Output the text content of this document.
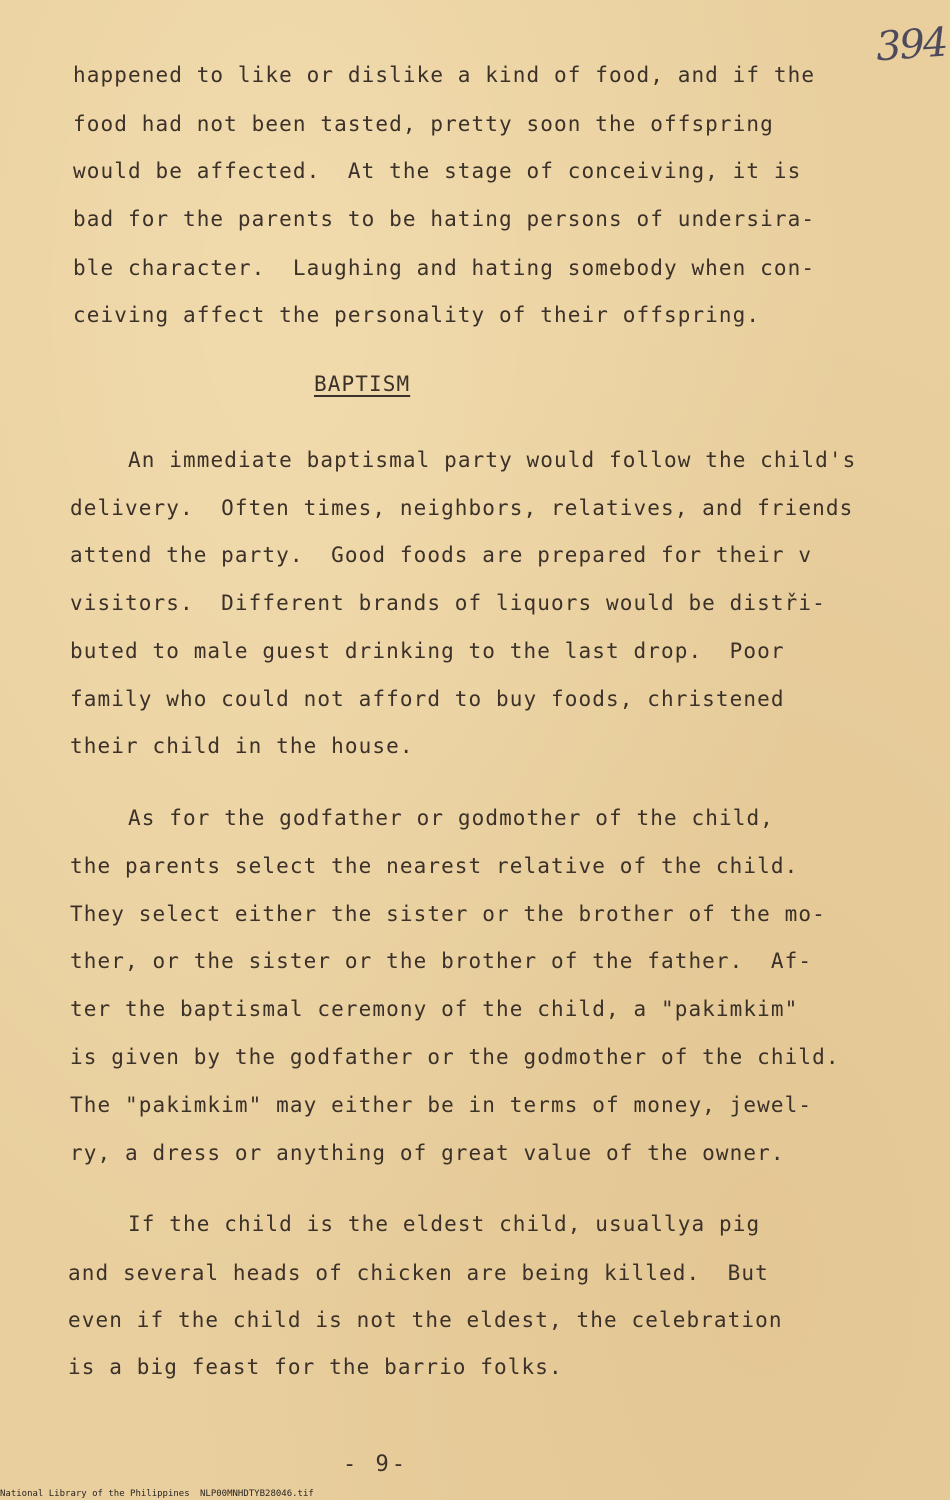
394
happened to like or dislike a kind of food, and if the
food had not been tasted, pretty soon the offspring
would be affected.  At the stage of conceiving, it is
bad for the parents to be hating persons of undersira-
ble character.  Laughing and hating somebody when con-
ceiving affect the personality of their offspring.
BAPTISM
An immediate baptismal party would follow the child's
delivery.  Often times, neighbors, relatives, and friends
attend the party.  Good foods are prepared for their v
visitors.  Different brands of liquors would be distři-
buted to male guest drinking to the last drop.  Poor
family who could not afford to buy foods, christened
their child in the house.
As for the godfather or godmother of the child,
the parents select the nearest relative of the child.
They select either the sister or the brother of the mo-
ther, or the sister or the brother of the father.  Af-
ter the baptismal ceremony of the child, a "pakimkim"
is given by the godfather or the godmother of the child.
The "pakimkim" may either be in terms of money, jewel-
ry, a dress or anything of great value of the owner.
If the child is the eldest child, usuallya pig
and several heads of chicken are being killed.  But
even if the child is not the eldest, the celebration
is a big feast for the barrio folks.
- 9-
National Library of the Philippines NLP00MNHDTYB28046.tif
